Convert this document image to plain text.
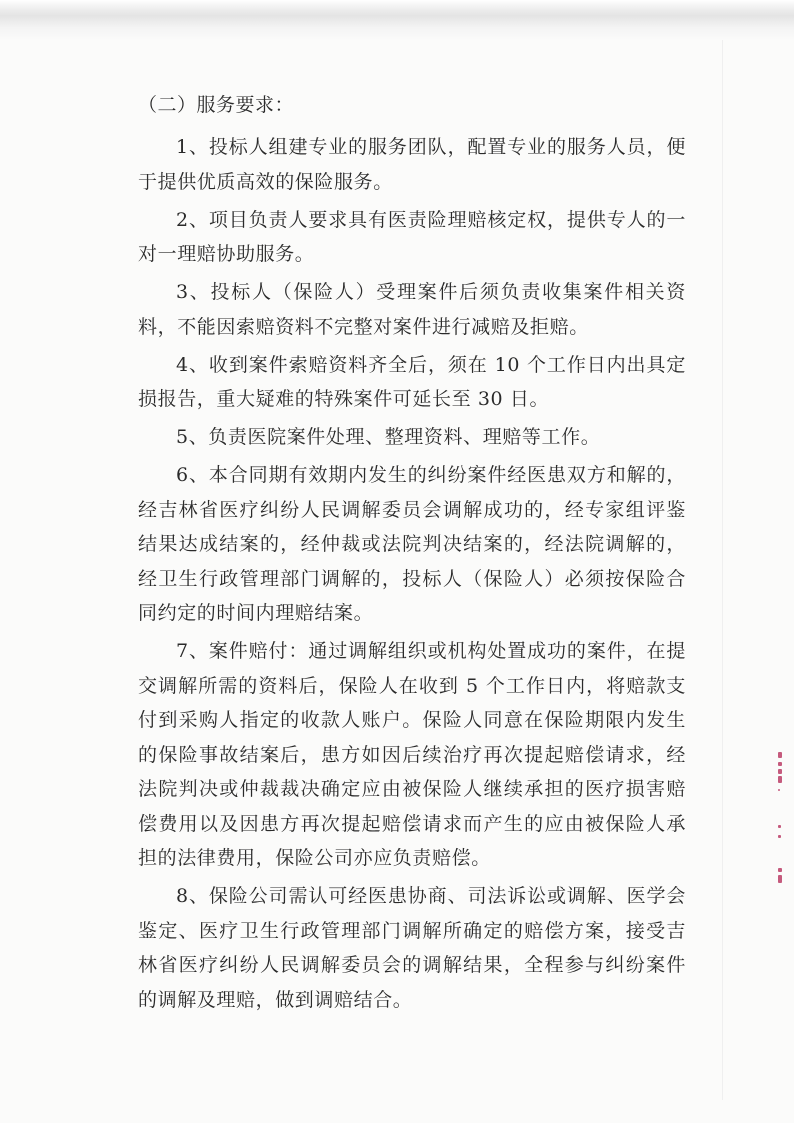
（二）服务要求：

1、投标人组建专业的服务团队，配置专业的服务人员，便于提供优质高效的保险服务。

2、项目负责人要求具有医责险理赔核定权，提供专人的一对一理赔协助服务。

3、投标人（保险人）受理案件后须负责收集案件相关资料，不能因索赔资料不完整对案件进行减赔及拒赔。

4、收到案件索赔资料齐全后，须在 10 个工作日内出具定损报告，重大疑难的特殊案件可延长至 30 日。

5、负责医院案件处理、整理资料、理赔等工作。

6、本合同期有效期内发生的纠纷案件经医患双方和解的，经吉林省医疗纠纷人民调解委员会调解成功的，经专家组评鉴结果达成结案的，经仲裁或法院判决结案的，经法院调解的，经卫生行政管理部门调解的，投标人（保险人）必须按保险合同约定的时间内理赔结案。

7、案件赔付：通过调解组织或机构处置成功的案件，在提交调解所需的资料后，保险人在收到 5 个工作日内，将赔款支付到采购人指定的收款人账户。保险人同意在保险期限内发生的保险事故结案后，患方如因后续治疗再次提起赔偿请求，经法院判决或仲裁裁决确定应由被保险人继续承担的医疗损害赔偿费用以及因患方再次提起赔偿请求而产生的应由被保险人承担的法律费用，保险公司亦应负责赔偿。

8、保险公司需认可经医患协商、司法诉讼或调解、医学会鉴定、医疗卫生行政管理部门调解所确定的赔偿方案，接受吉林省医疗纠纷人民调解委员会的调解结果，全程参与纠纷案件的调解及理赔，做到调赔结合。
